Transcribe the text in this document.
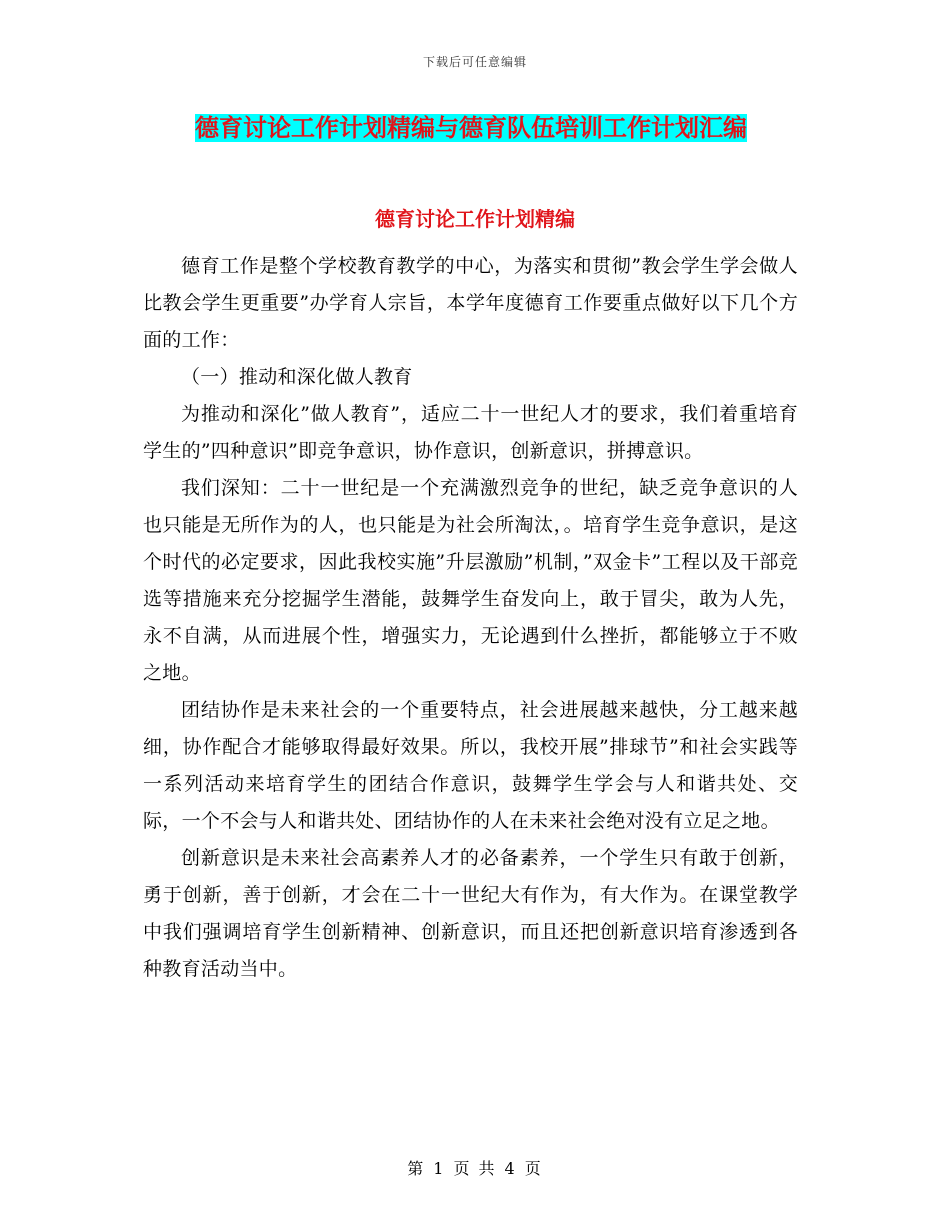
下载后可任意编辑
德育讨论工作计划精编与德育队伍培训工作计划汇编
德育讨论工作计划精编

德育工作是整个学校教育教学的中心，为落实和贯彻”教会学生学会做人比教会学生更重要”办学育人宗旨，本学年度德育工作要重点做好以下几个方面的工作：

（一）推动和深化做人教育

为推动和深化”做人教育”，适应二十一世纪人才的要求，我们着重培育学生的”四种意识”即竞争意识，协作意识，创新意识，拼搏意识。

我们深知：二十一世纪是一个充满激烈竞争的世纪，缺乏竞争意识的人也只能是无所作为的人，也只能是为社会所淘汰，。培育学生竞争意识，是这个时代的必定要求，因此我校实施”升层激励”机制，”双金卡”工程以及干部竞选等措施来充分挖掘学生潜能，鼓舞学生奋发向上，敢于冒尖，敢为人先，永不自满，从而进展个性，增强实力，无论遇到什么挫折，都能够立于不败之地。

团结协作是未来社会的一个重要特点，社会进展越来越快，分工越来越细，协作配合才能够取得最好效果。所以，我校开展”排球节”和社会实践等一系列活动来培育学生的团结合作意识，鼓舞学生学会与人和谐共处、交际，一个不会与人和谐共处、团结协作的人在未来社会绝对没有立足之地。

创新意识是未来社会高素养人才的必备素养，一个学生只有敢于创新，勇于创新，善于创新，才会在二十一世纪大有作为，有大作为。在课堂教学中我们强调培育学生创新精神、创新意识，而且还把创新意识培育渗透到各种教育活动当中。

第 1 页 共 4 页
